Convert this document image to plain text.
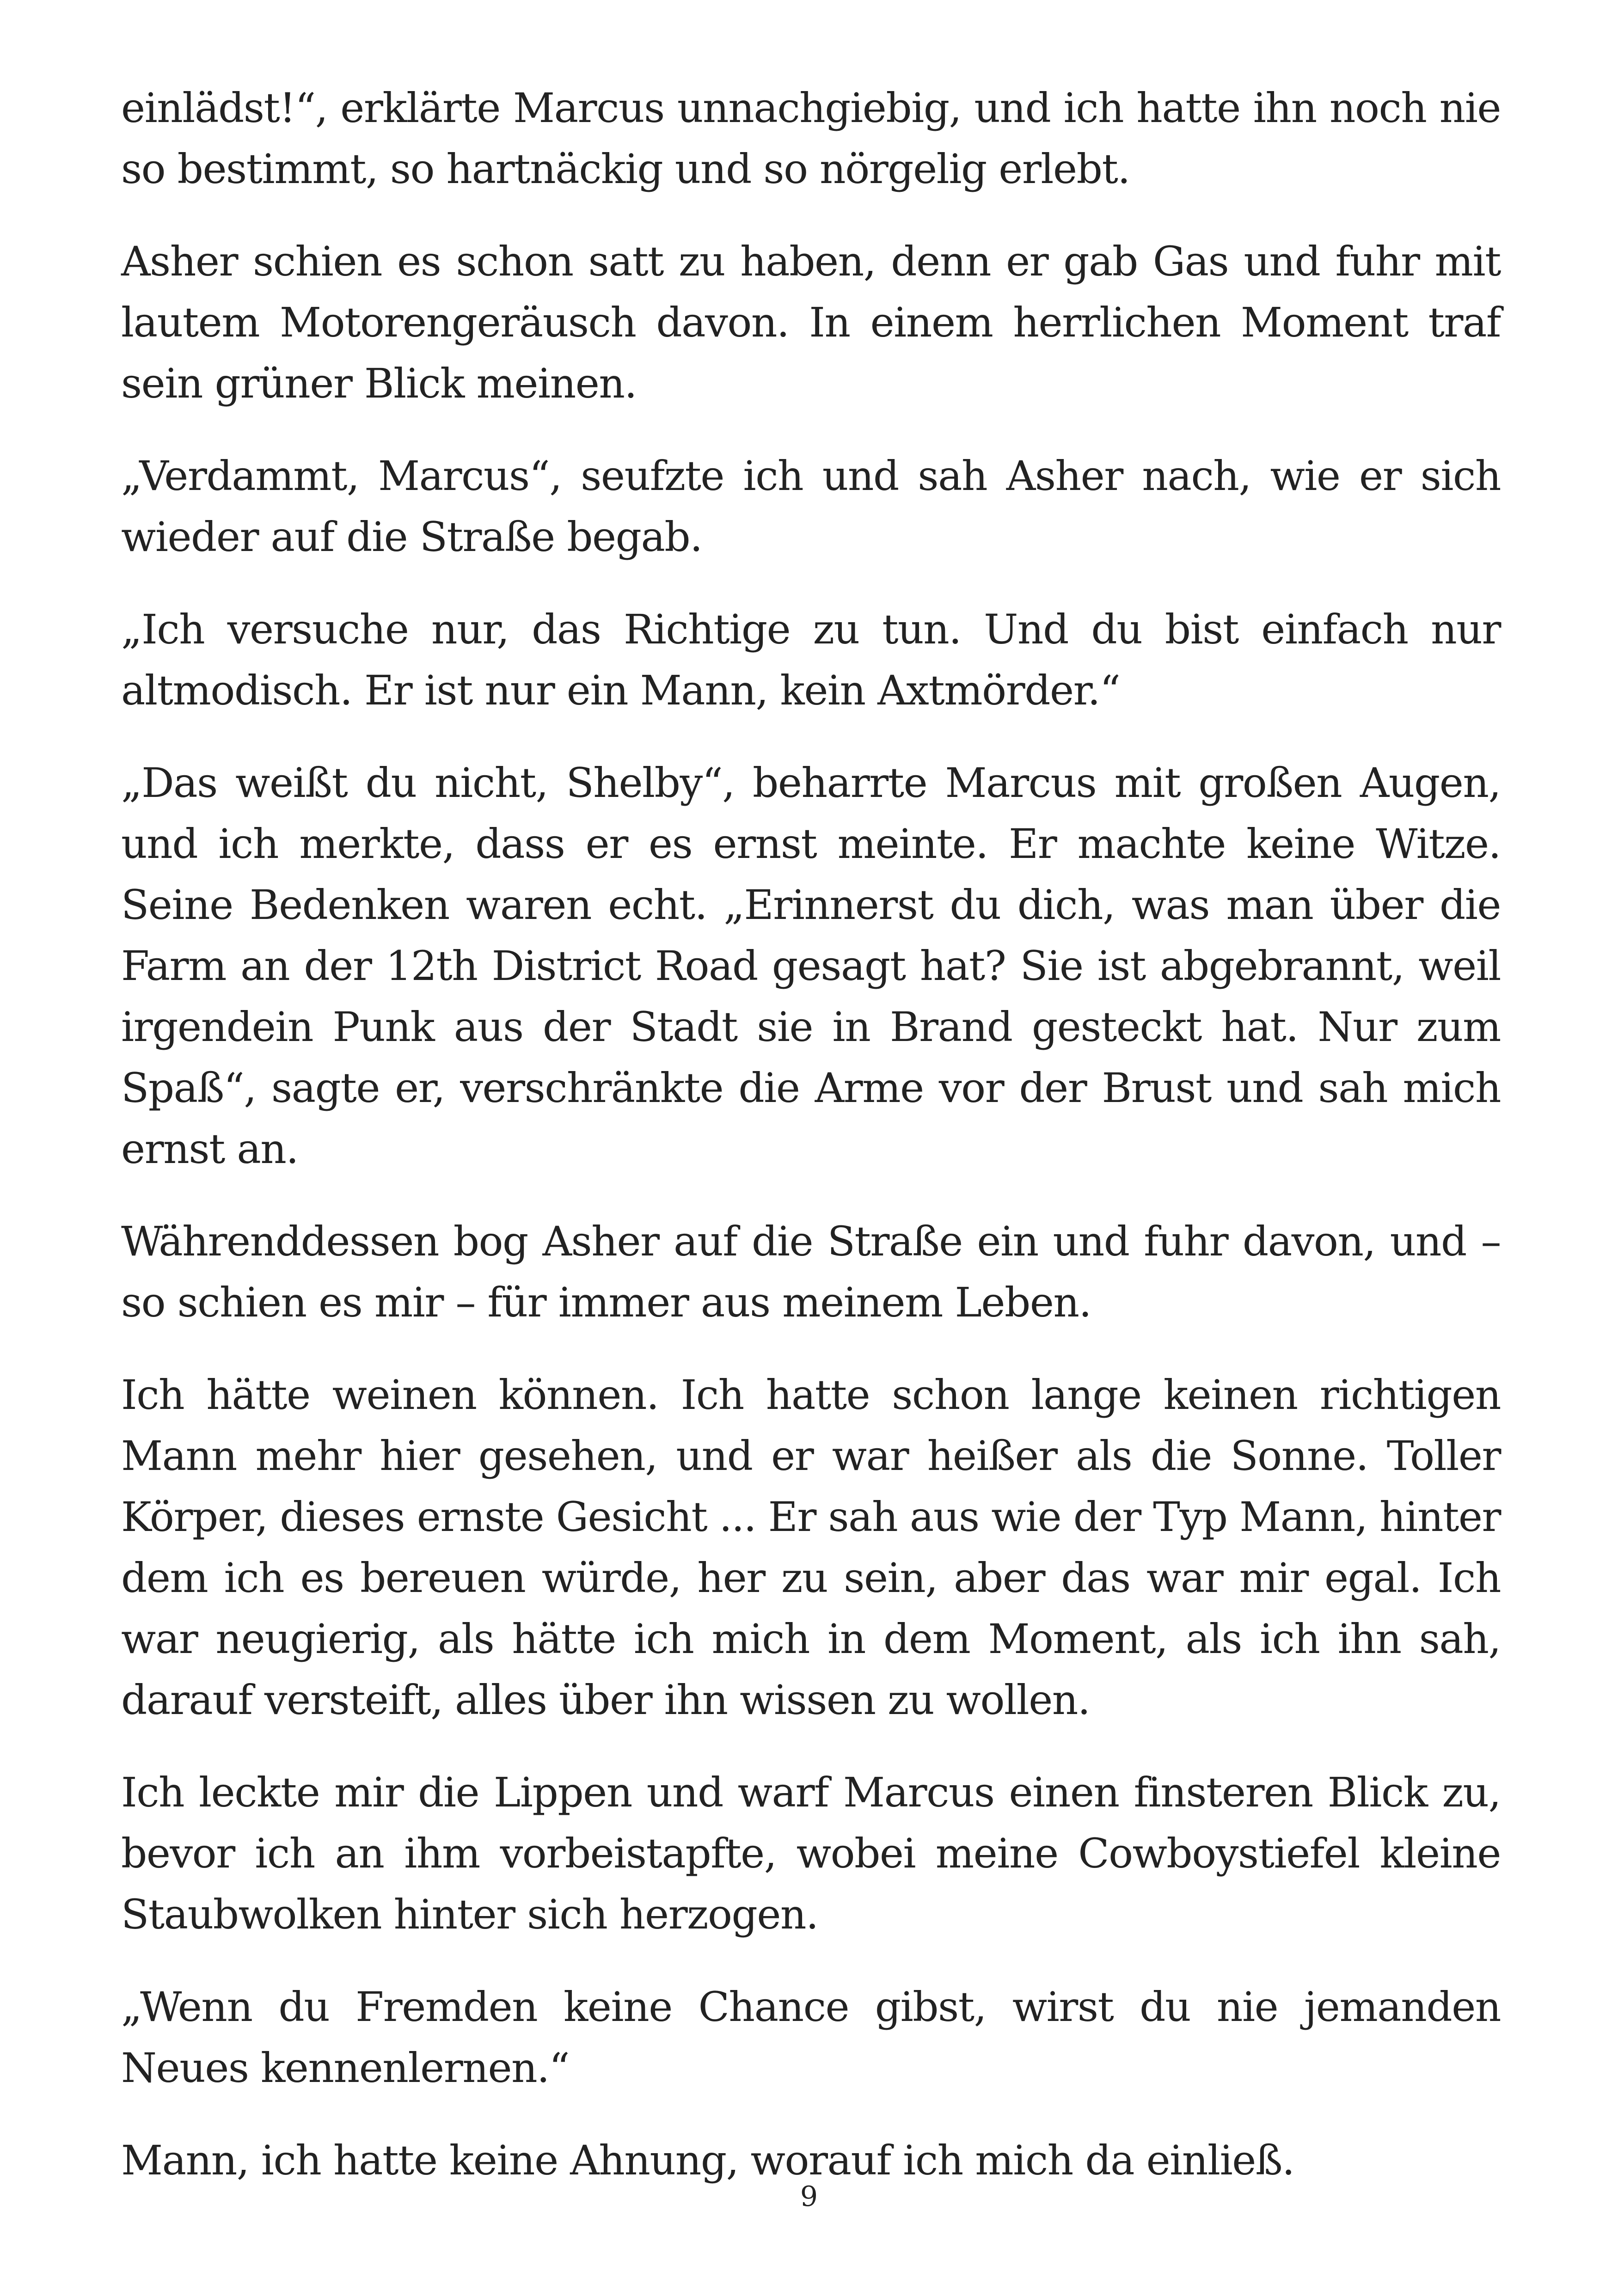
einlädst!“, erklärte Marcus unnachgiebig, und ich hatte ihn noch nie so bestimmt, so hartnäckig und so nörgelig erlebt.

Asher schien es schon satt zu haben, denn er gab Gas und fuhr mit lautem Motorengeräusch davon. In einem herrlichen Moment traf sein grüner Blick meinen.

„Verdammt, Marcus“, seufzte ich und sah Asher nach, wie er sich wieder auf die Straße begab.

„Ich versuche nur, das Richtige zu tun. Und du bist einfach nur altmodisch. Er ist nur ein Mann, kein Axtmörder.“

„Das weißt du nicht, Shelby“, beharrte Marcus mit großen Augen, und ich merkte, dass er es ernst meinte. Er machte keine Witze. Seine Bedenken waren echt. „Erinnerst du dich, was man über die Farm an der 12th District Road gesagt hat? Sie ist abgebrannt, weil irgendein Punk aus der Stadt sie in Brand gesteckt hat. Nur zum Spaß“, sagte er, verschränkte die Arme vor der Brust und sah mich ernst an.

Währenddessen bog Asher auf die Straße ein und fuhr davon, und – so schien es mir – für immer aus meinem Leben.

Ich hätte weinen können. Ich hatte schon lange keinen richtigen Mann mehr hier gesehen, und er war heißer als die Sonne. Toller Körper, dieses ernste Gesicht ... Er sah aus wie der Typ Mann, hinter dem ich es bereuen würde, her zu sein, aber das war mir egal. Ich war neugierig, als hätte ich mich in dem Moment, als ich ihn sah, darauf versteift, alles über ihn wissen zu wollen.

Ich leckte mir die Lippen und warf Marcus einen finsteren Blick zu, bevor ich an ihm vorbeistapfte, wobei meine Cowboystiefel kleine Staubwolken hinter sich herzogen.

„Wenn du Fremden keine Chance gibst, wirst du nie jemanden Neues kennenlernen.“

Mann, ich hatte keine Ahnung, worauf ich mich da einließ.

9
